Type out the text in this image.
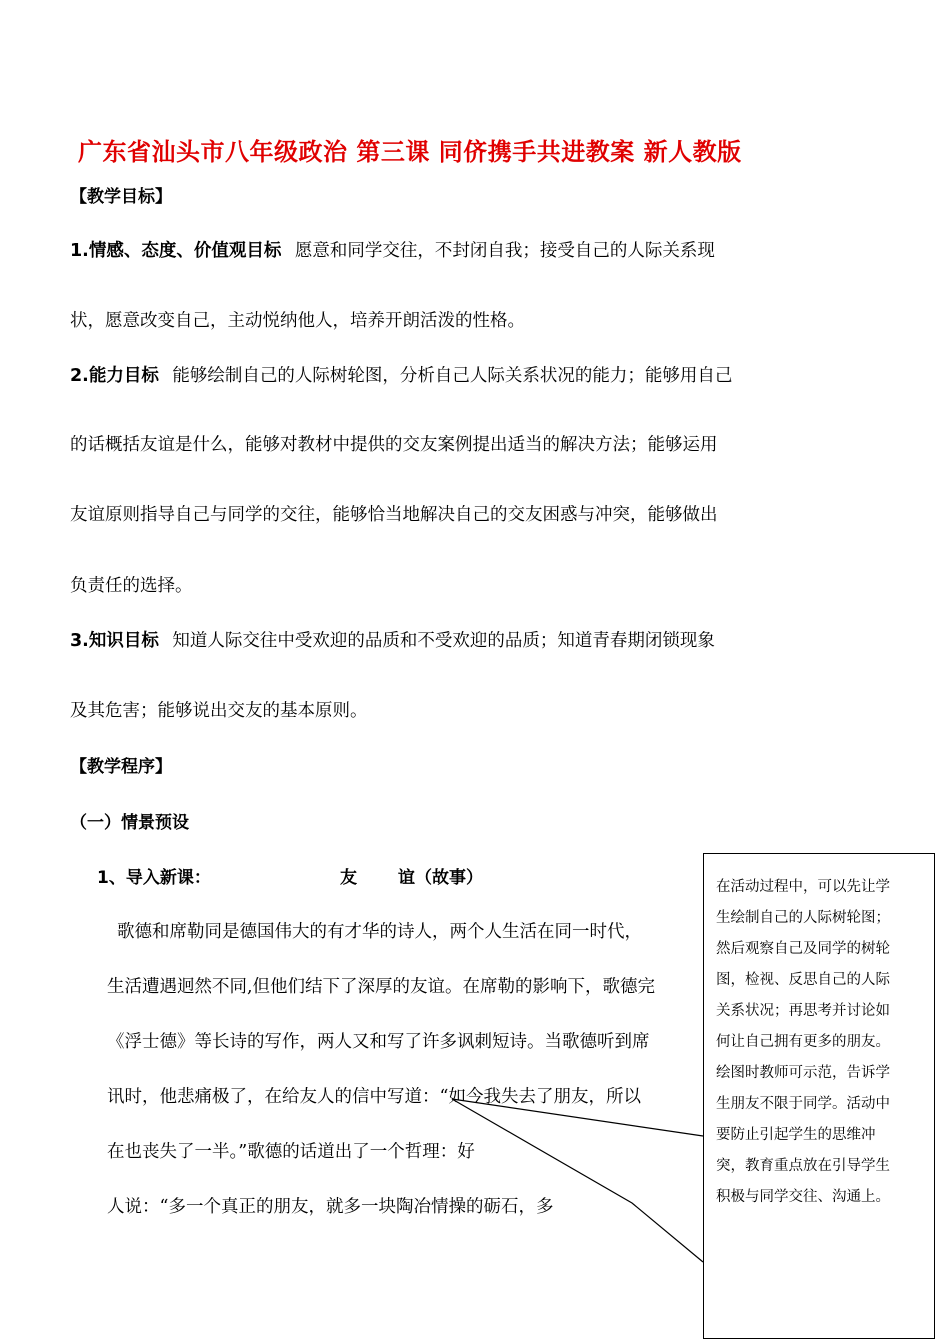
广东省汕头市八年级政治 第三课 同侪携手共进教案 新人教版
【教学目标】
1.情感、态度、价值观目标 愿意和同学交往，不封闭自我；接受自己的人际关系现
状，愿意改变自己，主动悦纳他人，培养开朗活泼的性格。
2.能力目标 能够绘制自己的人际树轮图，分析自己人际关系状况的能力；能够用自己
的话概括友谊是什么，能够对教材中提供的交友案例提出适当的解决方法；能够运用
友谊原则指导自己与同学的交往，能够恰当地解决自己的交友困惑与冲突，能够做出
负责任的选择。
3.知识目标 知道人际交往中受欢迎的品质和不受欢迎的品质；知道青春期闭锁现象
及其危害；能够说出交友的基本原则。
【教学程序】
（一）情景预设
1、导入新课：	友 谊（故事）
歌德和席勒同是德国伟大的有才华的诗人，两个人生活在同一时代，
生活遭遇迥然不同,但他们结下了深厚的友谊。在席勒的影响下，歌德完
《浮士德》等长诗的写作，两人又和写了许多讽刺短诗。当歌德听到席
讯时，他悲痛极了，在给友人的信中写道：“如今我失去了朋友，所以
在也丧失了一半。”歌德的话道出了一个哲理：好
人说：“多一个真正的朋友，就多一块陶冶情操的砺石，多
在活动过程中，可以先让学
生绘制自己的人际树轮图；
然后观察自己及同学的树轮
图，检视、反思自己的人际
关系状况；再思考并讨论如
何让自己拥有更多的朋友。
绘图时教师可示范，告诉学
生朋友不限于同学。活动中
要防止引起学生的思维冲
突，教育重点放在引导学生
积极与同学交往、沟通上。
